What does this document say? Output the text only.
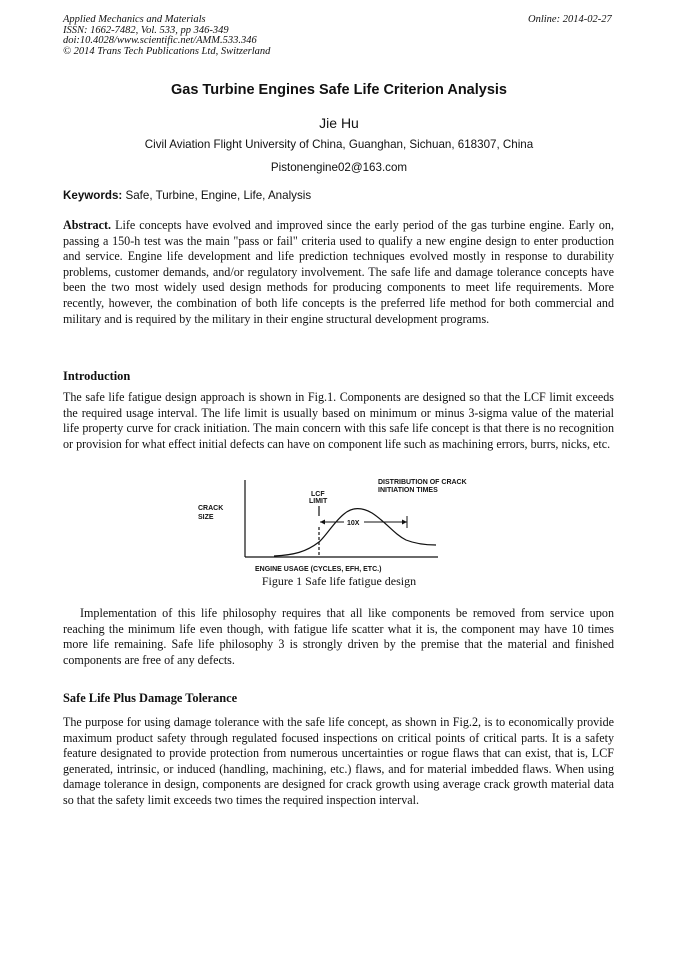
Applied Mechanics and Materials
ISSN: 1662-7482, Vol. 533, pp 346-349
doi:10.4028/www.scientific.net/AMM.533.346
© 2014 Trans Tech Publications Ltd, Switzerland
Online: 2014-02-27
Gas Turbine Engines Safe Life Criterion Analysis
Jie Hu
Civil Aviation Flight University of China, Guanghan, Sichuan, 618307, China
Pistonengine02@163.com
Keywords: Safe, Turbine, Engine, Life, Analysis

Abstract. Life concepts have evolved and improved since the early period of the gas turbine engine. Early on, passing a 150-h test was the main "pass or fail" criteria used to qualify a new engine design to enter production and service. Engine life development and life prediction techniques evolved mostly in response to durability problems, customer demands, and/or regulatory involvement. The safe life and damage tolerance concepts have been the two most widely used design methods for producing components to meet life requirements. More recently, however, the combination of both life concepts is the preferred life method for both commercial and military and is required by the military in their engine structural development programs.

Introduction

The safe life fatigue design approach is shown in Fig.1. Components are designed so that the LCF limit exceeds the required usage interval. The life limit is usually based on minimum or minus 3-sigma value of the material life property curve for crack initiation. The main concern with this safe life concept is that there is no recognition or provision for what effect initial defects can have on component life such as machining errors, burrs, nicks, etc.

CRACK
SIZE
LCF
LIMIT
DISTRIBUTION OF CRACK
INITIATION TIMES
10X
ENGINE USAGE (CYCLES, EFH, ETC.)
Figure 1 Safe life fatigue design

Implementation of this life philosophy requires that all like components be removed from service upon reaching the minimum life even though, with fatigue life scatter what it is, the component may have 10 times more life remaining. Safe life philosophy 3 is strongly driven by the premise that the material and finished components are free of any defects.

Safe Life Plus Damage Tolerance

The purpose for using damage tolerance with the safe life concept, as shown in Fig.2, is to economically provide maximum product safety through regulated focused inspections on critical points of critical parts. It is a safety feature designated to provide protection from numerous uncertainties or rogue flaws that can exist, that is, LCF generated, intrinsic, or induced (handling, machining, etc.) flaws, and for material imbedded flaws. When using damage tolerance in design, components are designed for crack growth using average crack growth material data so that the safety limit exceeds two times the required inspection interval.
